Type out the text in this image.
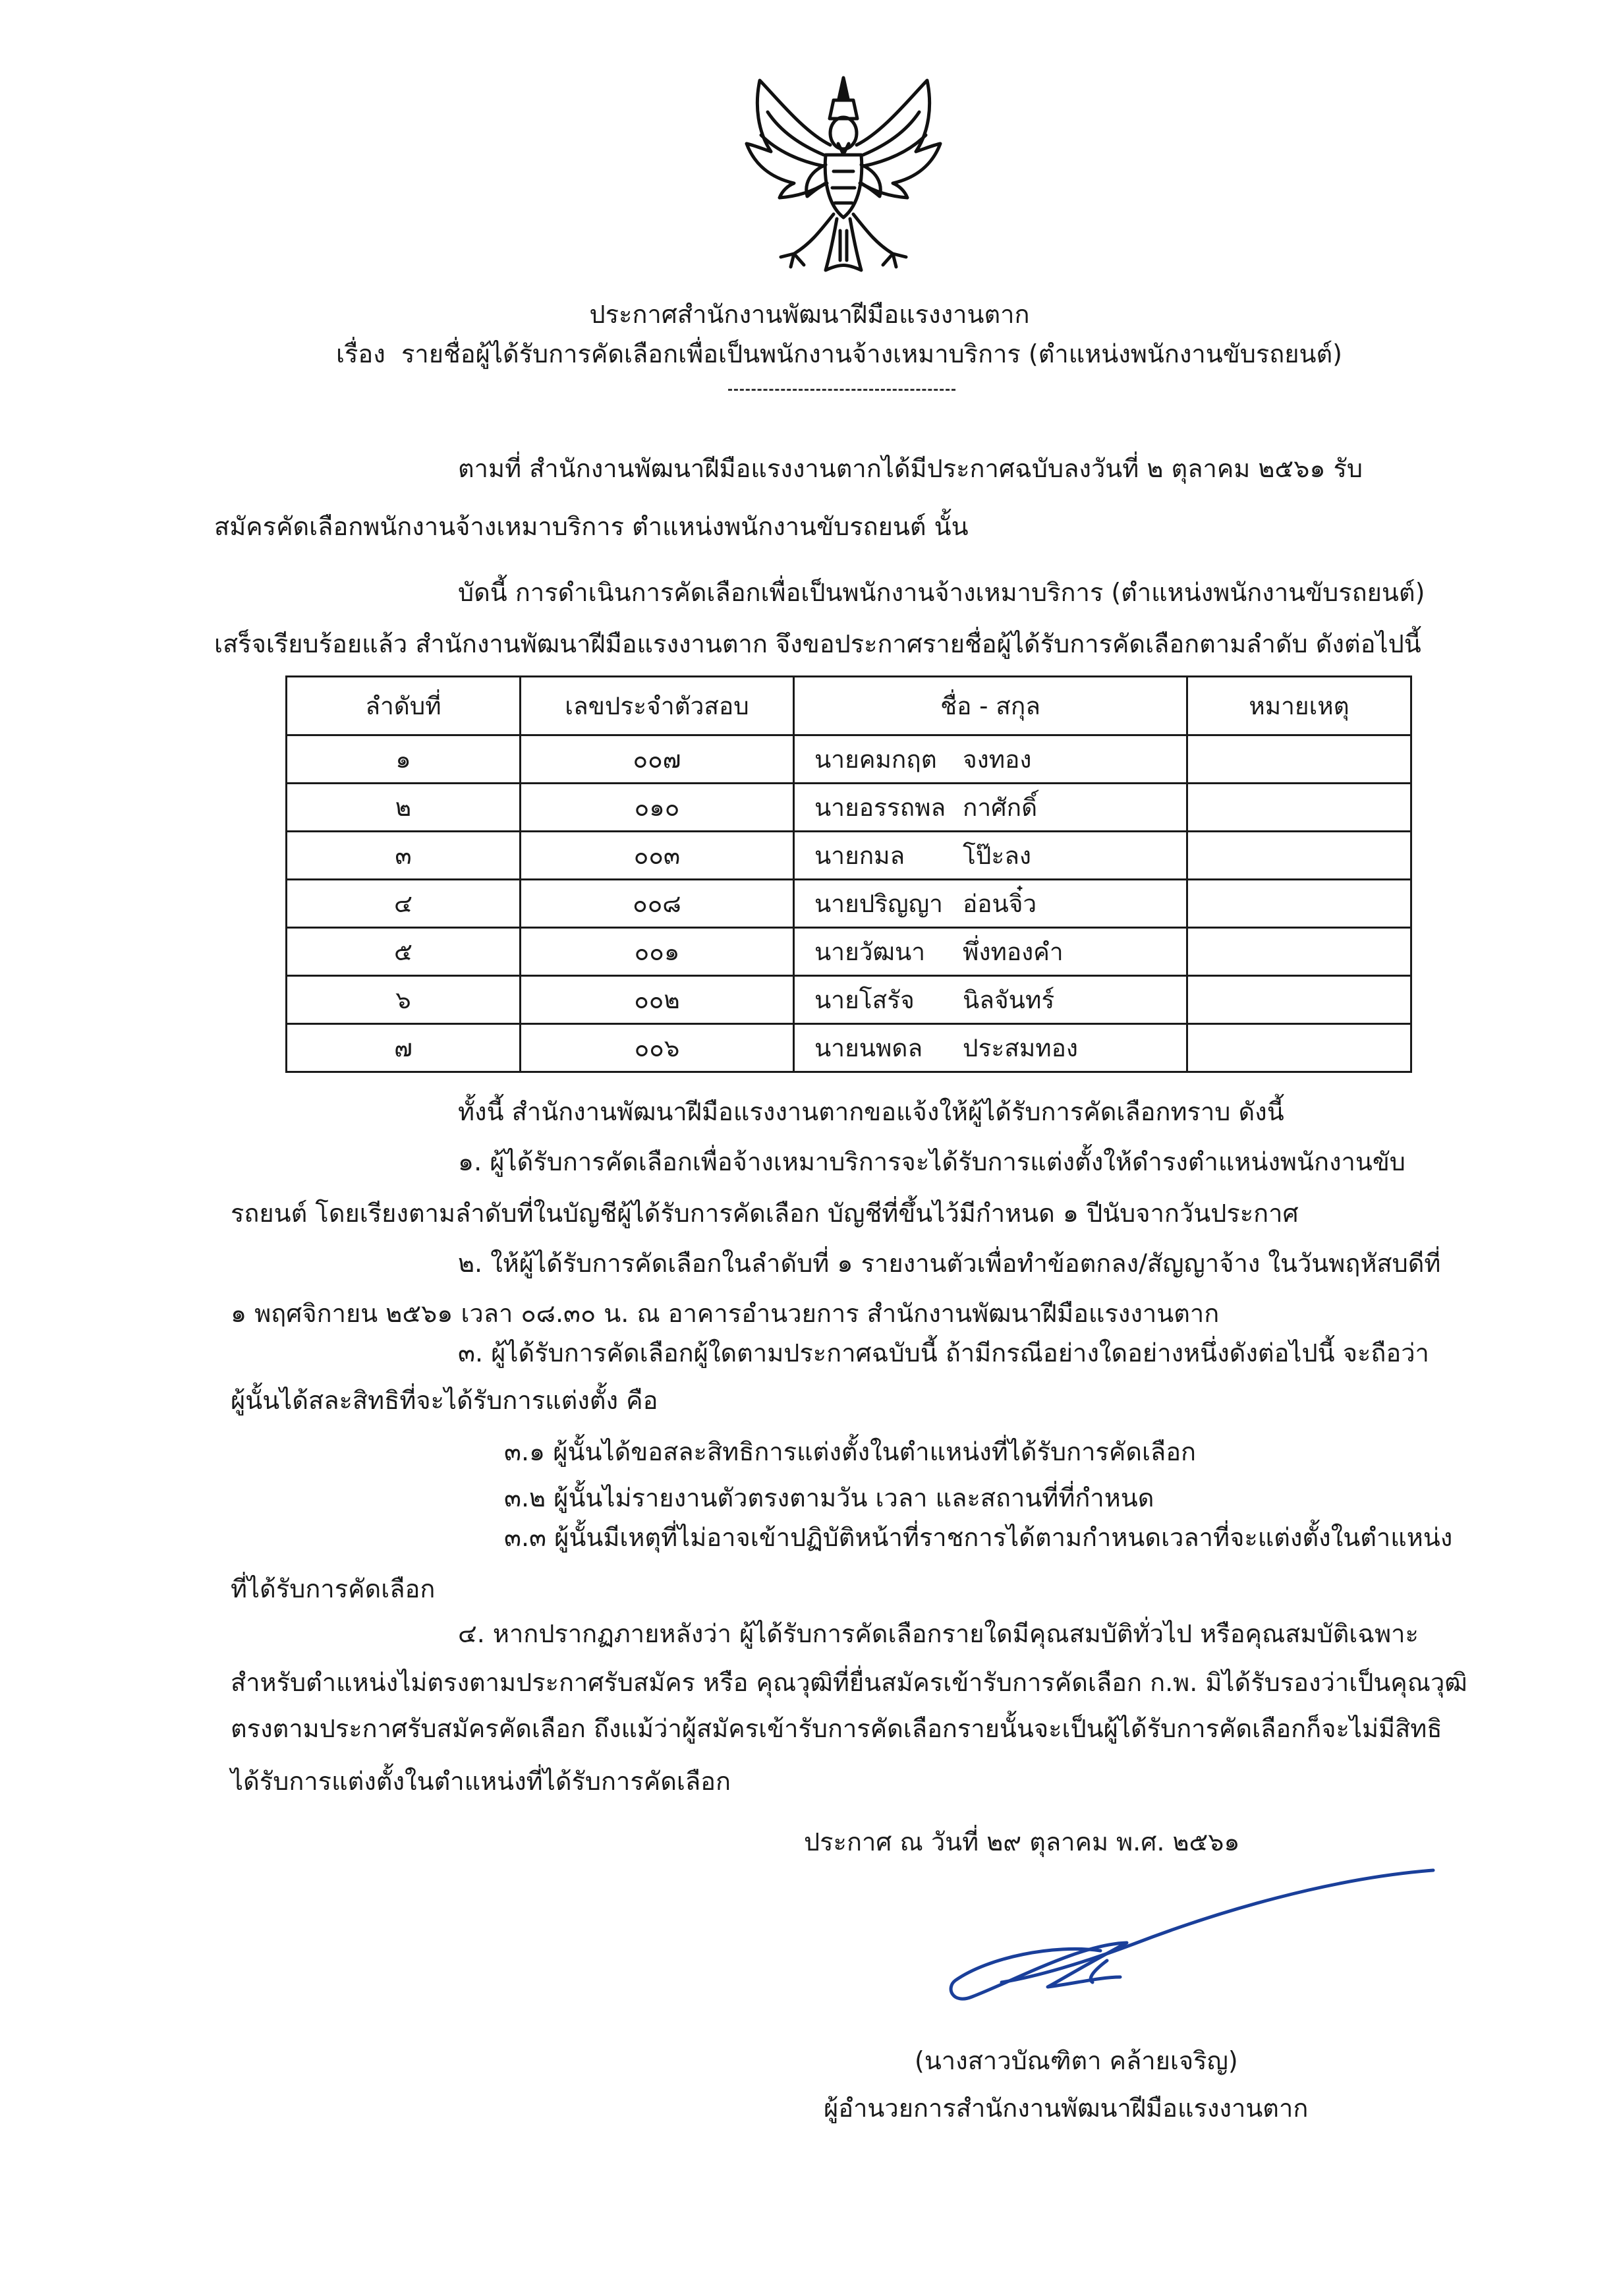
ประกาศสำนักงานพัฒนาฝีมือแรงงานตาก
เรื่อง รายชื่อผู้ได้รับการคัดเลือกเพื่อเป็นพนักงานจ้างเหมาบริการ (ตำแหน่งพนักงานขับรถยนต์)
ตามที่ สำนักงานพัฒนาฝีมือแรงงานตากได้มีประกาศฉบับลงวันที่ ๒ ตุลาคม ๒๕๖๑ รับ
สมัครคัดเลือกพนักงานจ้างเหมาบริการ ตำแหน่งพนักงานขับรถยนต์ นั้น
บัดนี้ การดำเนินการคัดเลือกเพื่อเป็นพนักงานจ้างเหมาบริการ (ตำแหน่งพนักงานขับรถยนต์)
เสร็จเรียบร้อยแล้ว สำนักงานพัฒนาฝีมือแรงงานตาก จึงขอประกาศรายชื่อผู้ได้รับการคัดเลือกตามลำดับ ดังต่อไปนี้
ลำดับที่	เลขประจำตัวสอบ	ชื่อ - สกุล	หมายเหตุ
๑	๐๐๗	นายคมกฤต จงทอง	
๒	๐๑๐	นายอรรถพล กาศักดิ์	
๓	๐๐๓	นายกมล โป๊ะลง	
๔	๐๐๘	นายปริญญา อ่อนจิ๋ว	
๕	๐๐๑	นายวัฒนา พึ่งทองคำ	
๖	๐๐๒	นายโสรัจ นิลจันทร์	
๗	๐๐๖	นายนพดล ประสมทอง	
ทั้งนี้ สำนักงานพัฒนาฝีมือแรงงานตากขอแจ้งให้ผู้ได้รับการคัดเลือกทราบ ดังนี้
๑. ผู้ได้รับการคัดเลือกเพื่อจ้างเหมาบริการจะได้รับการแต่งตั้งให้ดำรงตำแหน่งพนักงานขับ
รถยนต์ โดยเรียงตามลำดับที่ในบัญชีผู้ได้รับการคัดเลือก บัญชีที่ขึ้นไว้มีกำหนด ๑ ปีนับจากวันประกาศ
๒. ให้ผู้ได้รับการคัดเลือกในลำดับที่ ๑ รายงานตัวเพื่อทำข้อตกลง/สัญญาจ้าง ในวันพฤหัสบดีที่
๑ พฤศจิกายน ๒๕๖๑ เวลา ๐๘.๓๐ น. ณ อาคารอำนวยการ สำนักงานพัฒนาฝีมือแรงงานตาก
๓. ผู้ได้รับการคัดเลือกผู้ใดตามประกาศฉบับนี้ ถ้ามีกรณีอย่างใดอย่างหนึ่งดังต่อไปนี้ จะถือว่า
ผู้นั้นได้สละสิทธิที่จะได้รับการแต่งตั้ง คือ
๓.๑ ผู้นั้นได้ขอสละสิทธิการแต่งตั้งในตำแหน่งที่ได้รับการคัดเลือก
๓.๒ ผู้นั้นไม่รายงานตัวตรงตามวัน เวลา และสถานที่ที่กำหนด
๓.๓ ผู้นั้นมีเหตุที่ไม่อาจเข้าปฏิบัติหน้าที่ราชการได้ตามกำหนดเวลาที่จะแต่งตั้งในตำแหน่ง
ที่ได้รับการคัดเลือก
๔. หากปรากฏภายหลังว่า ผู้ได้รับการคัดเลือกรายใดมีคุณสมบัติทั่วไป หรือคุณสมบัติเฉพาะ
สำหรับตำแหน่งไม่ตรงตามประกาศรับสมัคร หรือ คุณวุฒิที่ยื่นสมัครเข้ารับการคัดเลือก ก.พ. มิได้รับรองว่าเป็นคุณวุฒิ
ตรงตามประกาศรับสมัครคัดเลือก ถึงแม้ว่าผู้สมัครเข้ารับการคัดเลือกรายนั้นจะเป็นผู้ได้รับการคัดเลือกก็จะไม่มีสิทธิ
ได้รับการแต่งตั้งในตำแหน่งที่ได้รับการคัดเลือก
ประกาศ ณ วันที่ ๒๙ ตุลาคม พ.ศ. ๒๕๖๑
(นางสาวบัณฑิตา คล้ายเจริญ)
ผู้อำนวยการสำนักงานพัฒนาฝีมือแรงงานตาก
